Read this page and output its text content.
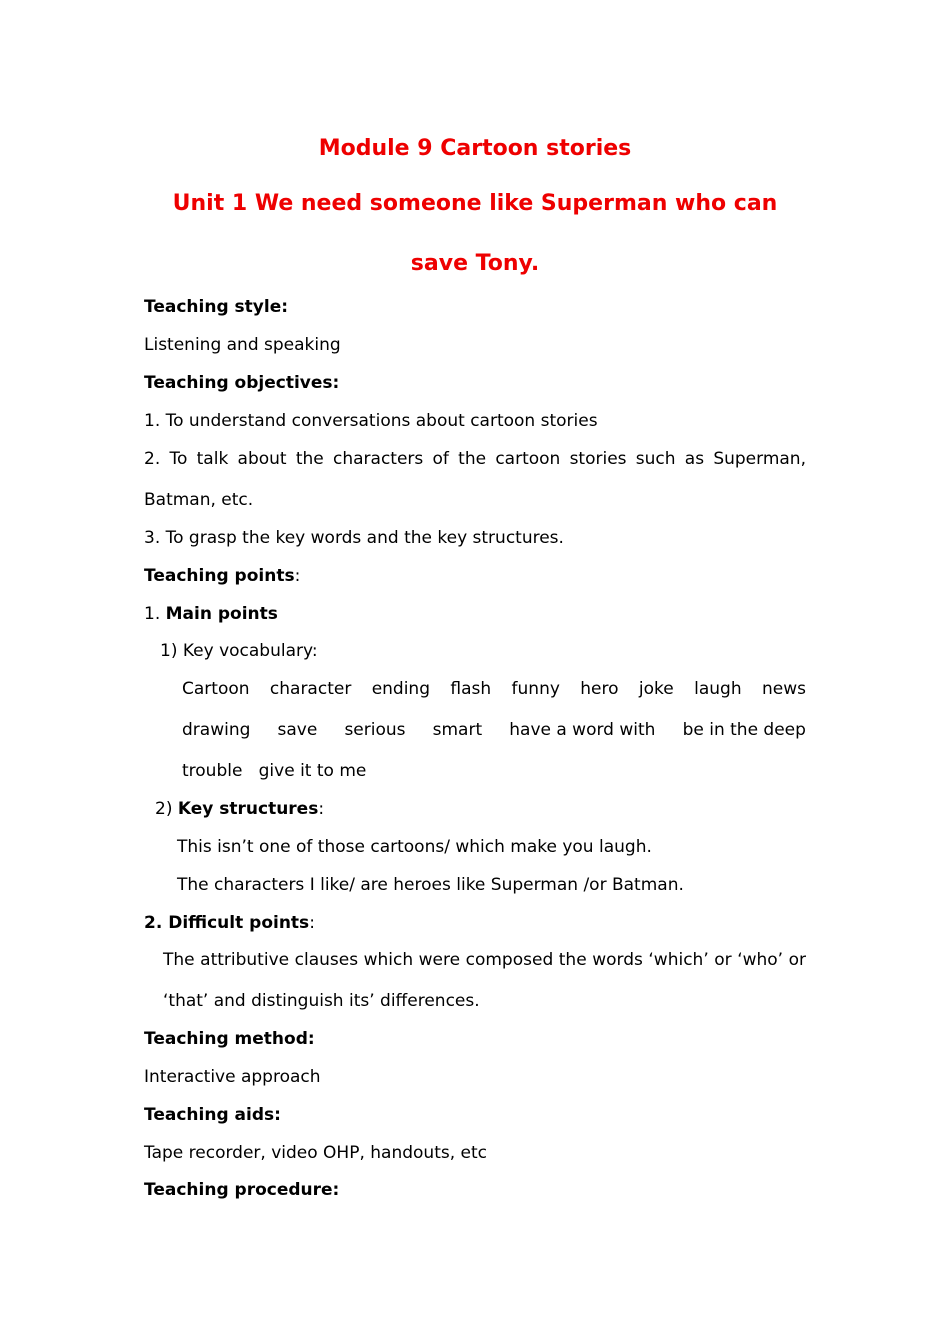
Module 9 Cartoon stories
Unit 1 We need someone like Superman who can
save Tony.
Teaching style:
Listening and speaking
Teaching objectives:
1. To understand conversations about cartoon stories
2. To talk about the characters of the cartoon stories such as Superman,
Batman, etc.
3. To grasp the key words and the key structures.
Teaching points:
1. Main points
1) Key vocabulary:
Cartoon character ending flash funny hero joke laugh news
drawing save serious smart have a word with be in the deep
trouble   give it to me
2) Key structures:
This isn’t one of those cartoons/ which make you laugh.
The characters I like/ are heroes like Superman /or Batman.
2. Difficult points:
The attributive clauses which were composed the words ‘which’ or ‘who’ or
‘that’ and distinguish its’ differences.
Teaching method:
Interactive approach
Teaching aids:
Tape recorder, video OHP, handouts, etc
Teaching procedure:
